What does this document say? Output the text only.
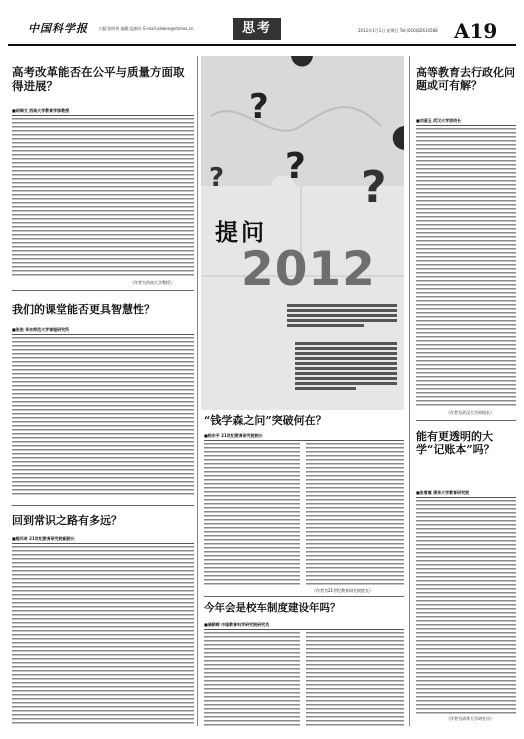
中国科学报	主编:张明伟 编辑:温新红 E-mail:xhwen@stimes.cn	思考	2012年1月1日 星期日 Tel:(010)82614588 A19
高考改革能否在公平与质量方面取得进展？
■胡瑞文 西南大学教育学部教授
（作者为西南大学教授）
我们的课堂能否更具智慧性？
■张俊 华东师范大学课程研究所
回到常识之路有多远？
■熊丙奇 21世纪教育研究院副院长
?
? ?
?
提问
2012
“钱学森之问”突破何在？
■杨东平 21世纪教育研究院院长
（作者为21世纪教育研究院院长）
今年会是校车制度建设年吗？
■储朝晖 中国教育科学研究院研究员
高等教育去行政化问题或可有解？
■刘道玉 武汉大学原校长
（作者为武汉大学原校长）
能有更透明的大学“记账本”吗？
■张雪雁 清华大学教育研究院
（作者为清华大学研究员）
